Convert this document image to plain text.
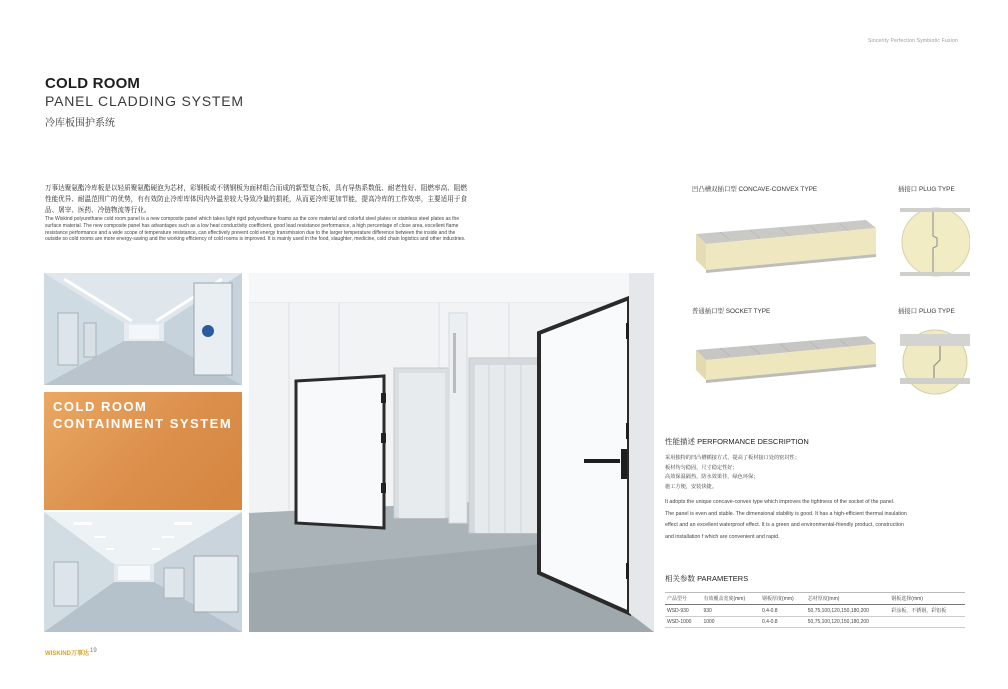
Sincerity Perfection Symbiotic Fusion
COLD ROOM
PANEL CLADDING SYSTEM
冷库板围护系统
万事达聚氨酯冷库板是以轻质聚氨酯硬泡为芯材，彩钢板或不锈钢板为面材组合而成的新型复合板，具有导热系数低、耐老性好、阻燃率高、阻燃性能优异、耐温范围广的优势，有有效防止冷库库体因内外温差较大导致冷量的损耗，从而更冷库更加节能，提高冷库的工作效率，主要适用于食品、屠宰、医药、冷链物流等行业。
The Wiskind polyurethane cold room panel is a new composite panel which takes light rigid polyurethane foams as the core material and colorful steel plates or stainless steel plates as the surface material. The new composite panel has advantages such as a low heat conductivity coefficient, good lead resistance performance, a high percentage of close area, excellent flame resistance performance and a wide scope of temperature resistance, can effectively prevent cold energy transmission due to the larger temperature difference between the inside and the outside so cold rooms are more energy-saving and the working efficiency of cold rooms is improved. It is mainly used in the food, slaughter, medicine, cold chain logistics and other industries.
COLD ROOM CONTAINMENT SYSTEM
凹凸槽双插口型 CONCAVE-CONVEX TYPE	插接口 PLUG TYPE
普通插口型 SOCKET TYPE	插接口 PLUG TYPE
性能描述 PERFORMANCE DESCRIPTION
采用独特的凹凸槽插接方式，提高了板材接口处的密封性；
板材均匀稳固，尺寸稳定性好；
高效保温隔热，防水效果佳，绿色环保；
施工方便，安装快捷。
It adopts the unique concave-convex type which improves the tightness of the socket of the panel.
The panel is even and stable. The dimensional stability is good. It has a high-efficient thermal insulation
effect and an excellent waterproof effect. It is a green and environmental-friendly product, construction
and installation f which are convenient and rapid.
相关参数 PARAMETERS
产品型号	有效覆盖宽度(mm)	钢板厚度(mm)	芯材厚度(mm)	钢板选择(mm)
WSD-930	930	0.4-0.8	50,75,100,120,150,180,200	彩涂板，不锈钢，彩铝板
WSD-1000	1000	0.4-0.8	50,75,100,120,150,180,200	
WISKIND万事达 19
